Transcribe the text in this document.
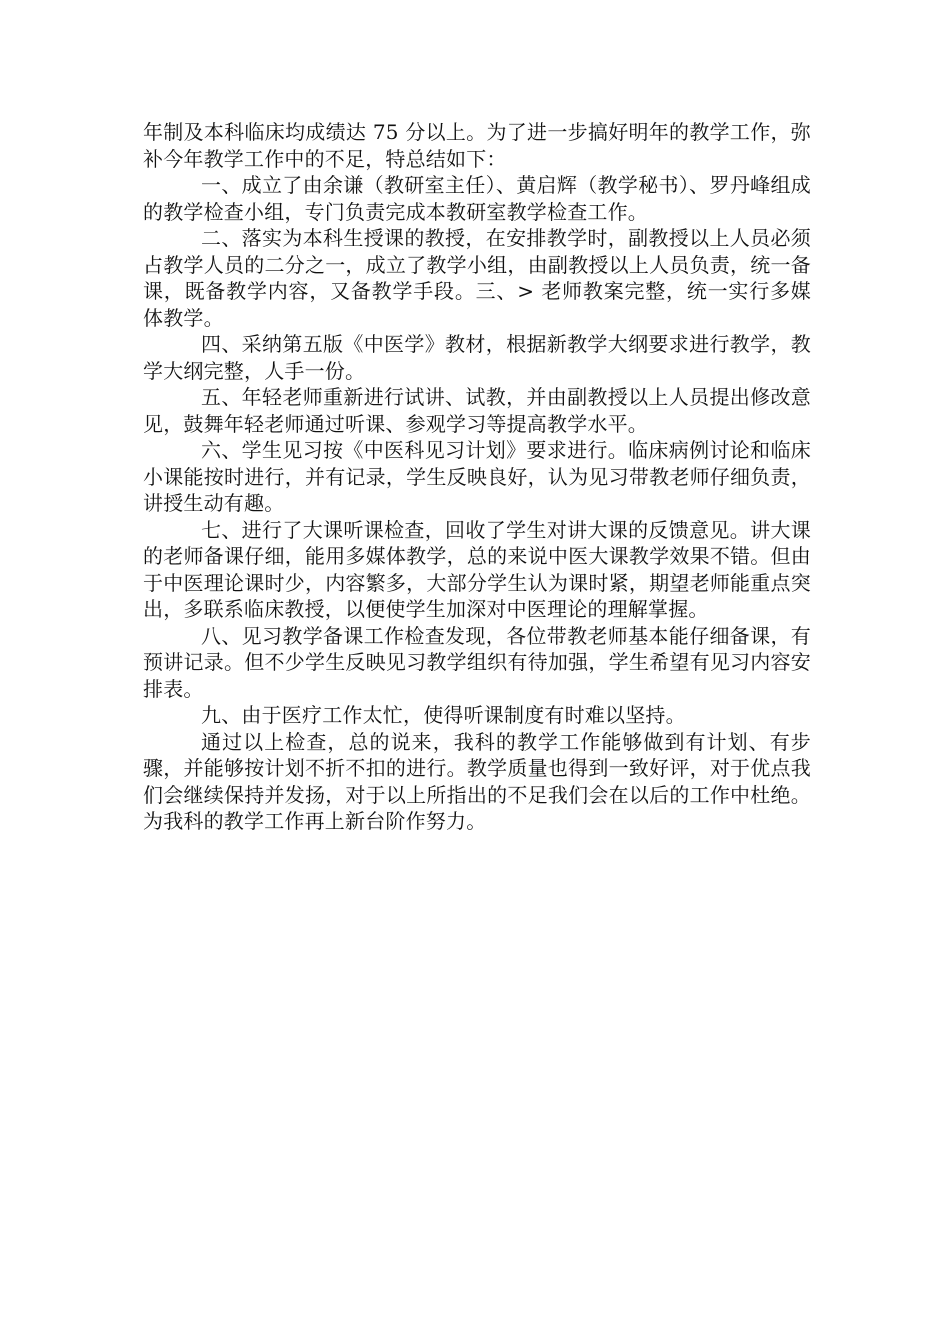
年制及本科临床均成绩达 75 分以上。为了进一步搞好明年的教学工作，弥补今年教学工作中的不足，特总结如下：

一、成立了由余谦（教研室主任）、黄启辉（教学秘书）、罗丹峰组成的教学检查小组，专门负责完成本教研室教学检查工作。

二、落实为本科生授课的教授，在安排教学时，副教授以上人员必须占教学人员的二分之一，成立了教学小组，由副教授以上人员负责，统一备课，既备教学内容，又备教学手段。三、> 老师教案完整，统一实行多媒体教学。

四、采纳第五版《中医学》教材，根据新教学大纲要求进行教学，教学大纲完整，人手一份。

五、年轻老师重新进行试讲、试教，并由副教授以上人员提出修改意见，鼓舞年轻老师通过听课、参观学习等提高教学水平。

六、学生见习按《中医科见习计划》要求进行。临床病例讨论和临床小课能按时进行，并有记录，学生反映良好，认为见习带教老师仔细负责，讲授生动有趣。

七、进行了大课听课检查，回收了学生对讲大课的反馈意见。讲大课的老师备课仔细，能用多媒体教学，总的来说中医大课教学效果不错。但由于中医理论课时少，内容繁多，大部分学生认为课时紧，期望老师能重点突出，多联系临床教授，以便使学生加深对中医理论的理解掌握。

八、见习教学备课工作检查发现，各位带教老师基本能仔细备课，有预讲记录。但不少学生反映见习教学组织有待加强，学生希望有见习内容安排表。

九、由于医疗工作太忙，使得听课制度有时难以坚持。

通过以上检查，总的说来，我科的教学工作能够做到有计划、有步骤，并能够按计划不折不扣的进行。教学质量也得到一致好评，对于优点我们会继续保持并发扬，对于以上所指出的不足我们会在以后的工作中杜绝。为我科的教学工作再上新台阶作努力。
